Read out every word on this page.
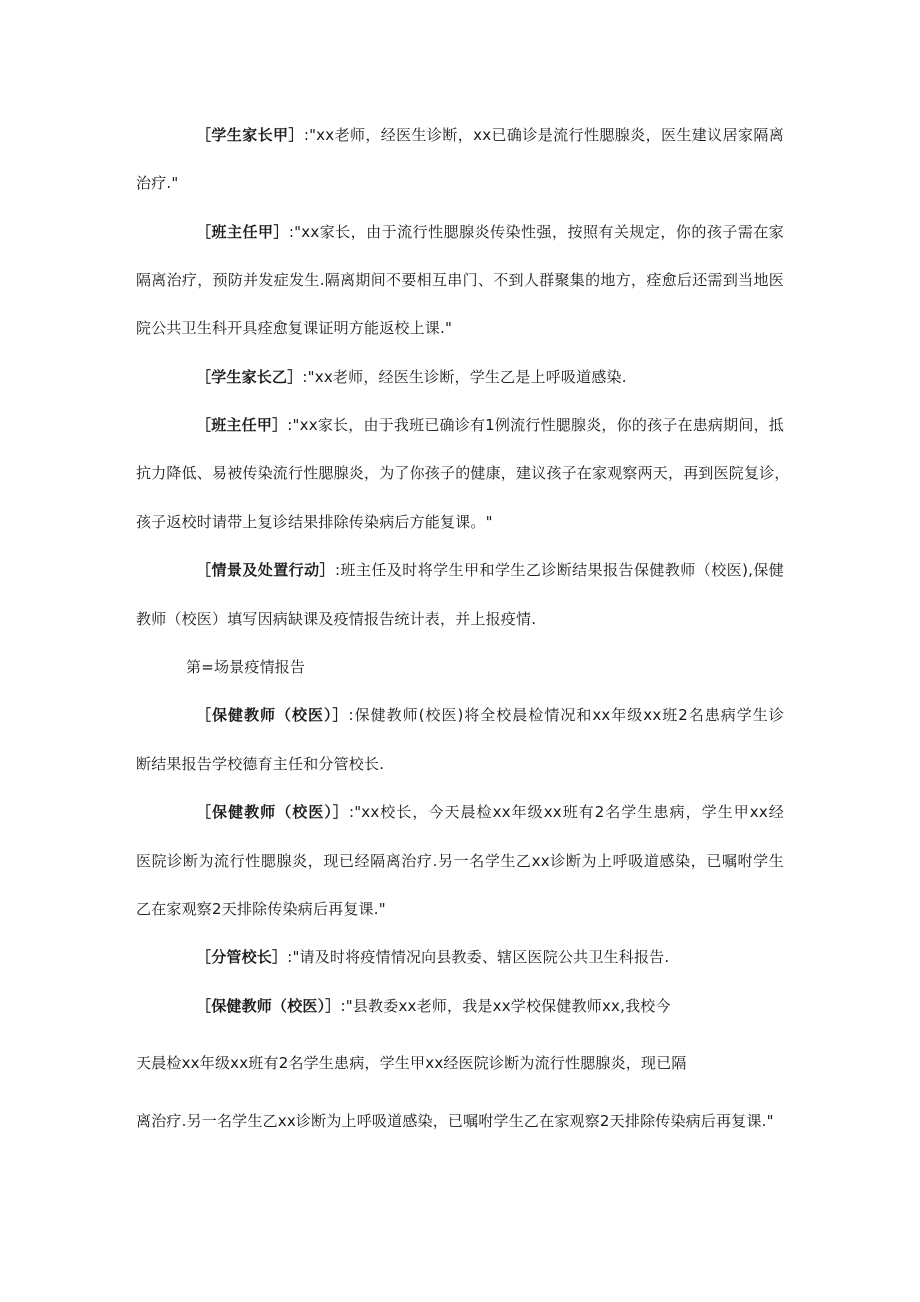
［学生家长甲］:"xx老师，经医生诊断，xx已确诊是流行性腮腺炎，医生建议居家隔离
治疗."
［班主任甲］:"xx家长，由于流行性腮腺炎传染性强，按照有关规定，你的孩子需在家
隔离治疗，预防并发症发生.隔离期间不要相互串门、不到人群聚集的地方，痊愈后还需到当地医
院公共卫生科开具痊愈复课证明方能返校上课."
［学生家长乙］:"xx老师，经医生诊断，学生乙是上呼吸道感染.
［班主任甲］:"xx家长，由于我班已确诊有1例流行性腮腺炎，你的孩子在患病期间，抵
抗力降低、易被传染流行性腮腺炎，为了你孩子的健康，建议孩子在家观察两天，再到医院复诊，
孩子返校时请带上复诊结果排除传染病后方能复课。"
［情景及处置行动］:班主任及时将学生甲和学生乙诊断结果报告保健教师（校医),保健
教师（校医）填写因病缺课及疫情报告统计表，并上报疫情.
第=场景疫情报告
［保健教师（校医）］:保健教师(校医)将全校晨检情况和xx年级xx班2名患病学生诊
断结果报告学校德育主任和分管校长.
［保健教师（校医）］:"xx校长，今天晨检xx年级xx班有2名学生患病，学生甲xx经
医院诊断为流行性腮腺炎，现已经隔离治疗.另一名学生乙xx诊断为上呼吸道感染，已嘱咐学生
乙在家观察2天排除传染病后再复课."
［分管校长］:"请及时将疫情情况向县教委、辖区医院公共卫生科报告.
［保健教师（校医）］:"县教委xx老师，我是xx学校保健教师xx,我校今
天晨检xx年级xx班有2名学生患病，学生甲xx经医院诊断为流行性腮腺炎，现已隔
离治疗.另一名学生乙xx诊断为上呼吸道感染，已嘱咐学生乙在家观察2天排除传染病后再复课."
